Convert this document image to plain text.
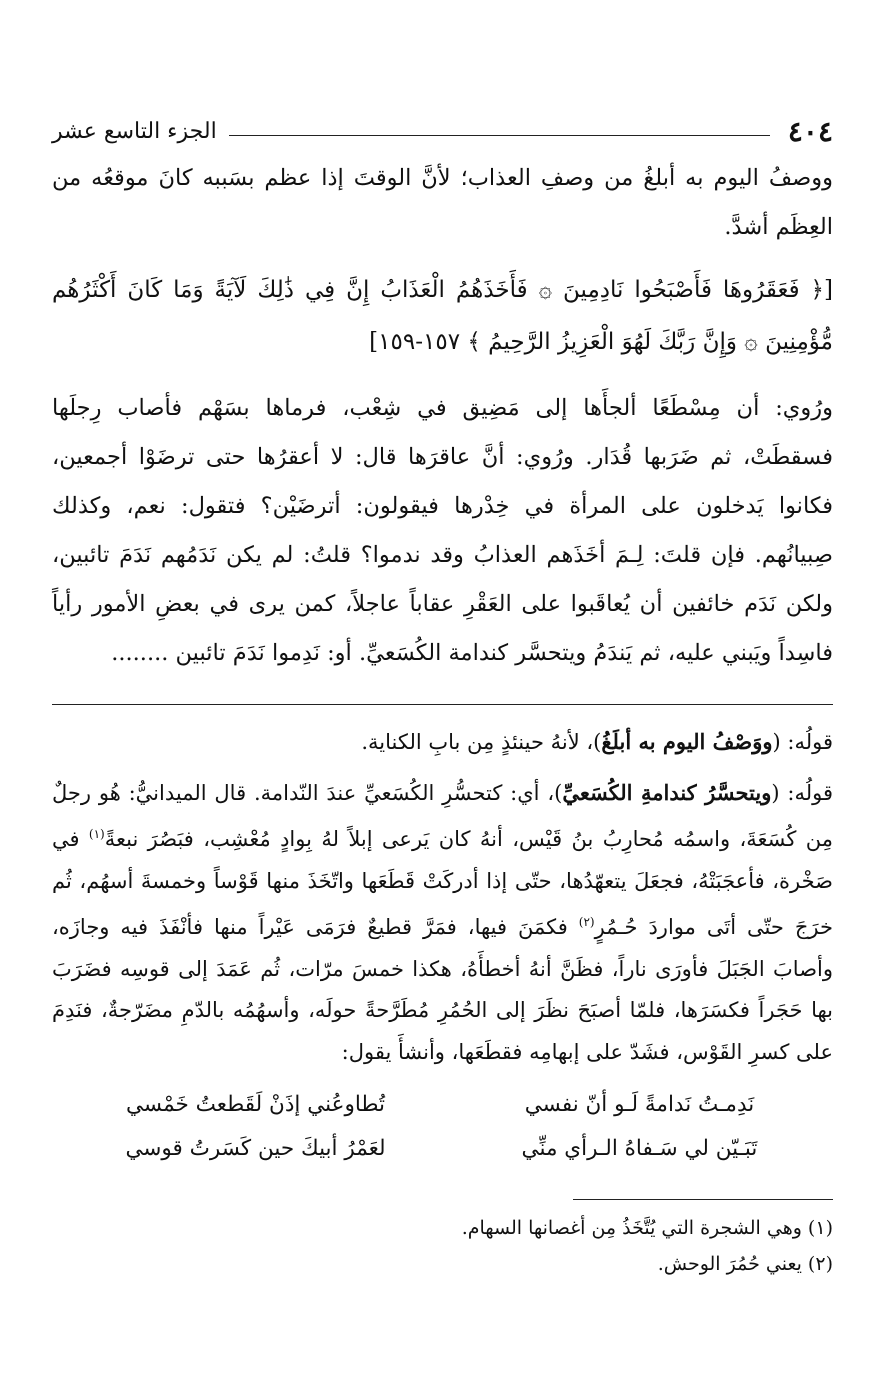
٤٠٤
الجزء التاسع عشر

ووصفُ اليوم به أبلغُ من وصفِ العذاب؛ لأنَّ الوقتَ إذا عظم بسَببه كانَ موقعُه من العِظَم أشدَّ.

[﴿ فَعَقَرُوهَا فَأَصْبَحُوا نَادِمِينَ ۞ فَأَخَذَهُمُ الْعَذَابُ إِنَّ فِي ذَٰلِكَ لَآيَةً وَمَا كَانَ أَكْثَرُهُم مُّؤْمِنِينَ ۞ وَإِنَّ رَبَّكَ لَهُوَ الْعَزِيزُ الرَّحِيمُ ﴾ ١٥٧-١٥٩]

ورُوي: أن مِسْطَعًا ألجأَها إلى مَضِيق في شِعْب، فرماها بسَهْم فأصاب رِجلَها فسقطَتْ، ثم ضَرَبها قُدَار. ورُوي: أنَّ عاقرَها قال: لا أعقرُها حتى ترضَوْا أجمعين، فكانوا يَدخلون على المرأة في خِدْرها فيقولون: أترضَيْن؟ فتقول: نعم، وكذلك صِبيانُهم. فإن قلتَ: لِـمَ أخَذَهم العذابُ وقد ندموا؟ قلتُ: لم يكن نَدَمُهم نَدَمَ تائبين، ولكن نَدَم خائفين أن يُعاقَبوا على العَقْرِ عقاباً عاجلاً، كمن يرى في بعضِ الأمور رأياً فاسِداً ويَبني عليه، ثم يَندَمُ ويتحسَّر كندامة الكُسَعيِّ. أو: نَدِموا نَدَمَ تائبين ........

قولُه: (ووَصْفُ اليوم به أبلَغُ)، لأنهُ حينئذٍ مِن بابِ الكناية.

قولُه: (ويتحسَّرُ كندامةِ الكُسَعيِّ)، أي: كتحسُّرِ الكُسَعيِّ عندَ النّدامة. قال الميدانيُّ: هُو رجلٌ مِن كُسَعَةَ، واسمُه مُحارِبُ بنُ قَيْس، أنهُ كان يَرعى إبلاً لهُ بِوادٍ مُعْشِب، فبَصُرَ نبعةً$^{(١)}$ في صَخْرة، فأعجَبَتْهُ، فجعَلَ يتعهّدُها، حتّى إذا أدركَتْ قَطَعَها واتّخَذَ منها قَوْساً وخمسةَ أسهُم، ثُم خرَجَ حتّى أتَى مواردَ حُـمُرٍ$^{(٢)}$ فكمَنَ فيها، فمَرَّ قطيعٌ فرَمَى عَيْراً منها فأنْفَذَ فيه وجازَه، وأصابَ الجَبَلَ فأورَى ناراً، فظَنَّ أنهُ أخطأَهُ، هكذا خمسَ مرّات، ثُم عَمَدَ إلى قوسِه فضَرَبَ بها حَجَراً فكسَرَها، فلمّا أصبَحَ نظَرَ إلى الحُمُرِ مُطَرَّحةً حولَه، وأسهُمُه بالدّمِ مضَرّجةٌ، فنَدِمَ على كسرِ القَوْس، فشَدّ على إبهامِه فقطَعَها، وأنشأَ يقول:

نَدِمـتُ نَدامةً لَـو أنّ نفسي
تُطاوعُني إذَنْ لَقَطعتُ خَمْسي
تَبَـيّن لي سَـفاهُ الـرأي منِّي
لعَمْرُ أبيكَ حين كَسَرتُ قوسي

(١) وهي الشجرة التي يُتَّخَذُ مِن أغصانها السهام.

(٢) يعني حُمُرَ الوحش.
